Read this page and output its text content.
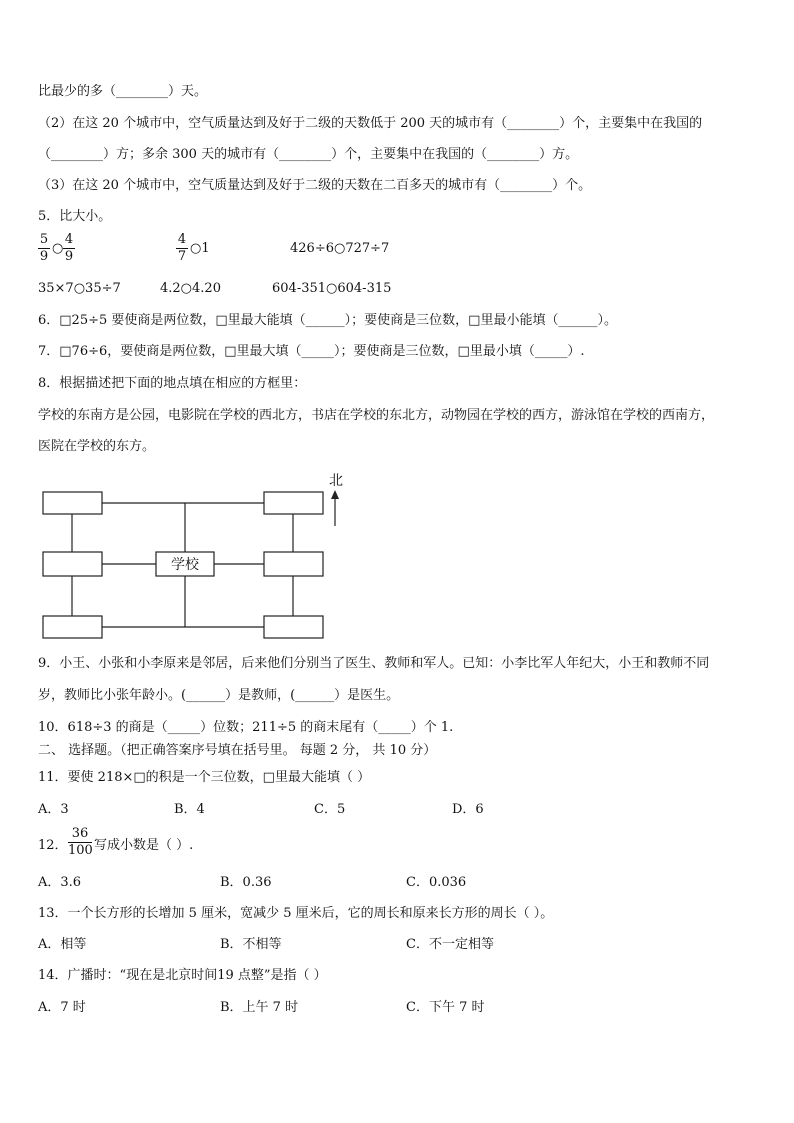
比最少的多（________）天。
（2）在这 20 个城市中，空气质量达到及好于二级的天数低于 200 天的城市有（________）个，主要集中在我国的
（________）方；多余 300 天的城市有（________）个，主要集中在我国的（________）方。
（3）在这 20 个城市中，空气质量达到及好于二级的天数在二百多天的城市有（________）个。
5．比大小。
5
9
○
4
9
4
7
○1	426÷6○727÷7
35×7○35÷7	4.2○4.20	604-351○604-315
6．□25÷5 要使商是两位数，□里最大能填（______）；要使商是三位数，□里最小能填（______）。
7．□76÷6，要使商是两位数，□里最大填（_____）；要使商是三位数，□里最小填（_____）.
8．根据描述把下面的地点填在相应的方框里：
学校的东南方是公园，电影院在学校的西北方，书店在学校的东北方，动物园在学校的西方，游泳馆在学校的西南方，
医院在学校的东方。
学校
北
9．小王、小张和小李原来是邻居，后来他们分别当了医生、教师和军人。已知：小李比军人年纪大，小王和教师不同
岁，教师比小张年龄小。(______）是教师，(______）是医生。
10．618÷3 的商是（_____）位数；211÷5 的商末尾有（_____）个 1.
二、 选择题。（把正确答案序号填在括号里。 每题 2 分， 共 10 分）
11．要使 218×□的积是一个三位数，□里最大能填（ ）
A．3	B．4	C．5	D．6
12．
36
100 写成小数是（ ）.
A．3.6	B．0.36	C．0.036
13．一个长方形的长增加 5 厘米，宽减少 5 厘米后，它的周长和原来长方形的周长（ ）。
A．相等	B．不相等	C．不一定相等
14．广播时：“现在是北京时间19 点整”是指（ ）
A．7 时	B．上午 7 时	C．下午 7 时
